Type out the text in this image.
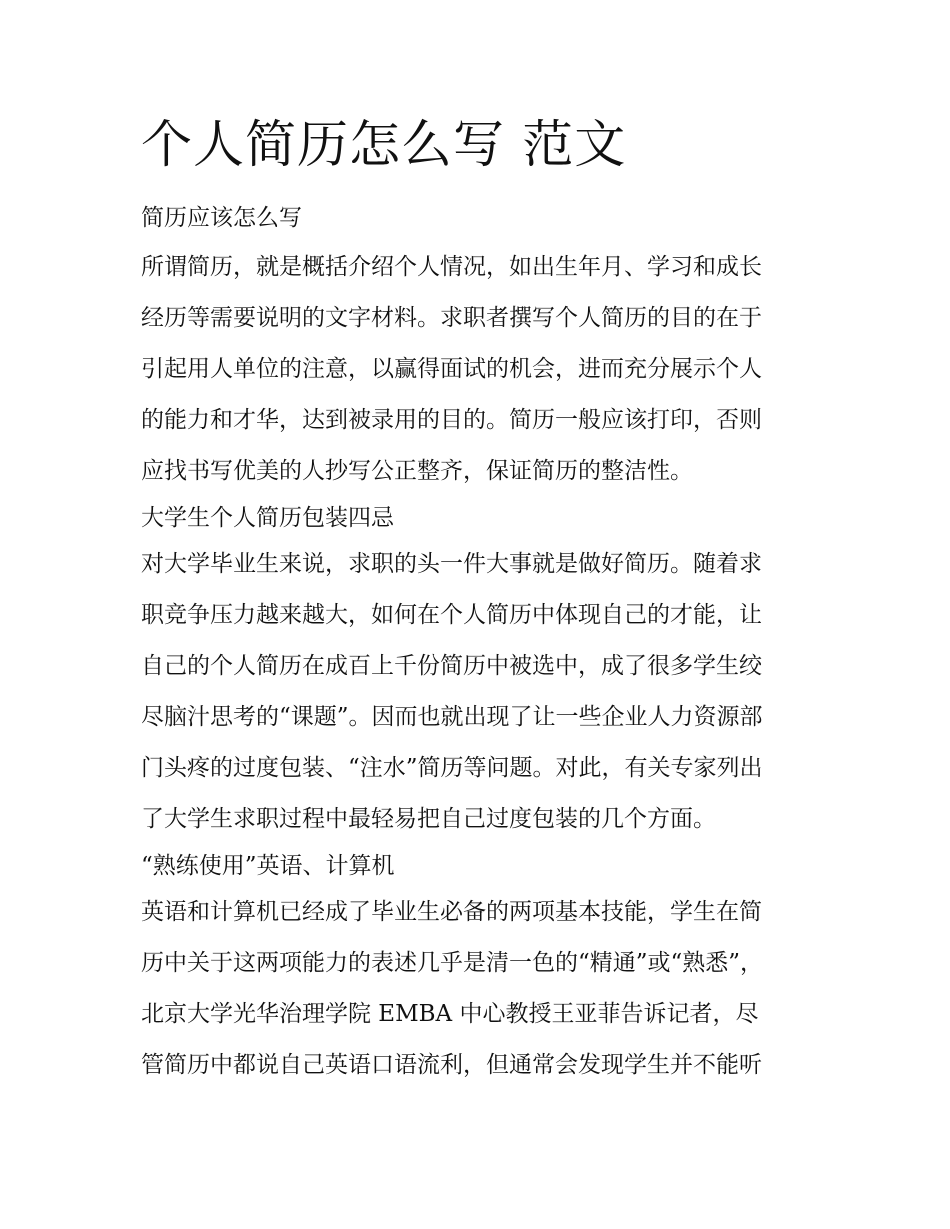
个人简历怎么写 范文
简历应该怎么写

所谓简历，就是概括介绍个人情况，如出生年月、学习和成长
经历等需要说明的文字材料。求职者撰写个人简历的目的在于
引起用人单位的注意，以赢得面试的机会，进而充分展示个人
的能力和才华，达到被录用的目的。简历一般应该打印，否则
应找书写优美的人抄写公正整齐，保证简历的整洁性。

大学生个人简历包装四忌

对大学毕业生来说，求职的头一件大事就是做好简历。随着求
职竞争压力越来越大，如何在个人简历中体现自己的才能，让
自己的个人简历在成百上千份简历中被选中，成了很多学生绞
尽脑汁思考的“课题”。因而也就出现了让一些企业人力资源部
门头疼的过度包装、“注水”简历等问题。对此，有关专家列出
了大学生求职过程中最轻易把自己过度包装的几个方面。

“熟练使用”英语、计算机

英语和计算机已经成了毕业生必备的两项基本技能，学生在简
历中关于这两项能力的表述几乎是清一色的“精通”或“熟悉”，
北京大学光华治理学院 EMBA 中心教授王亚菲告诉记者，尽
管简历中都说自己英语口语流利，但通常会发现学生并不能听
